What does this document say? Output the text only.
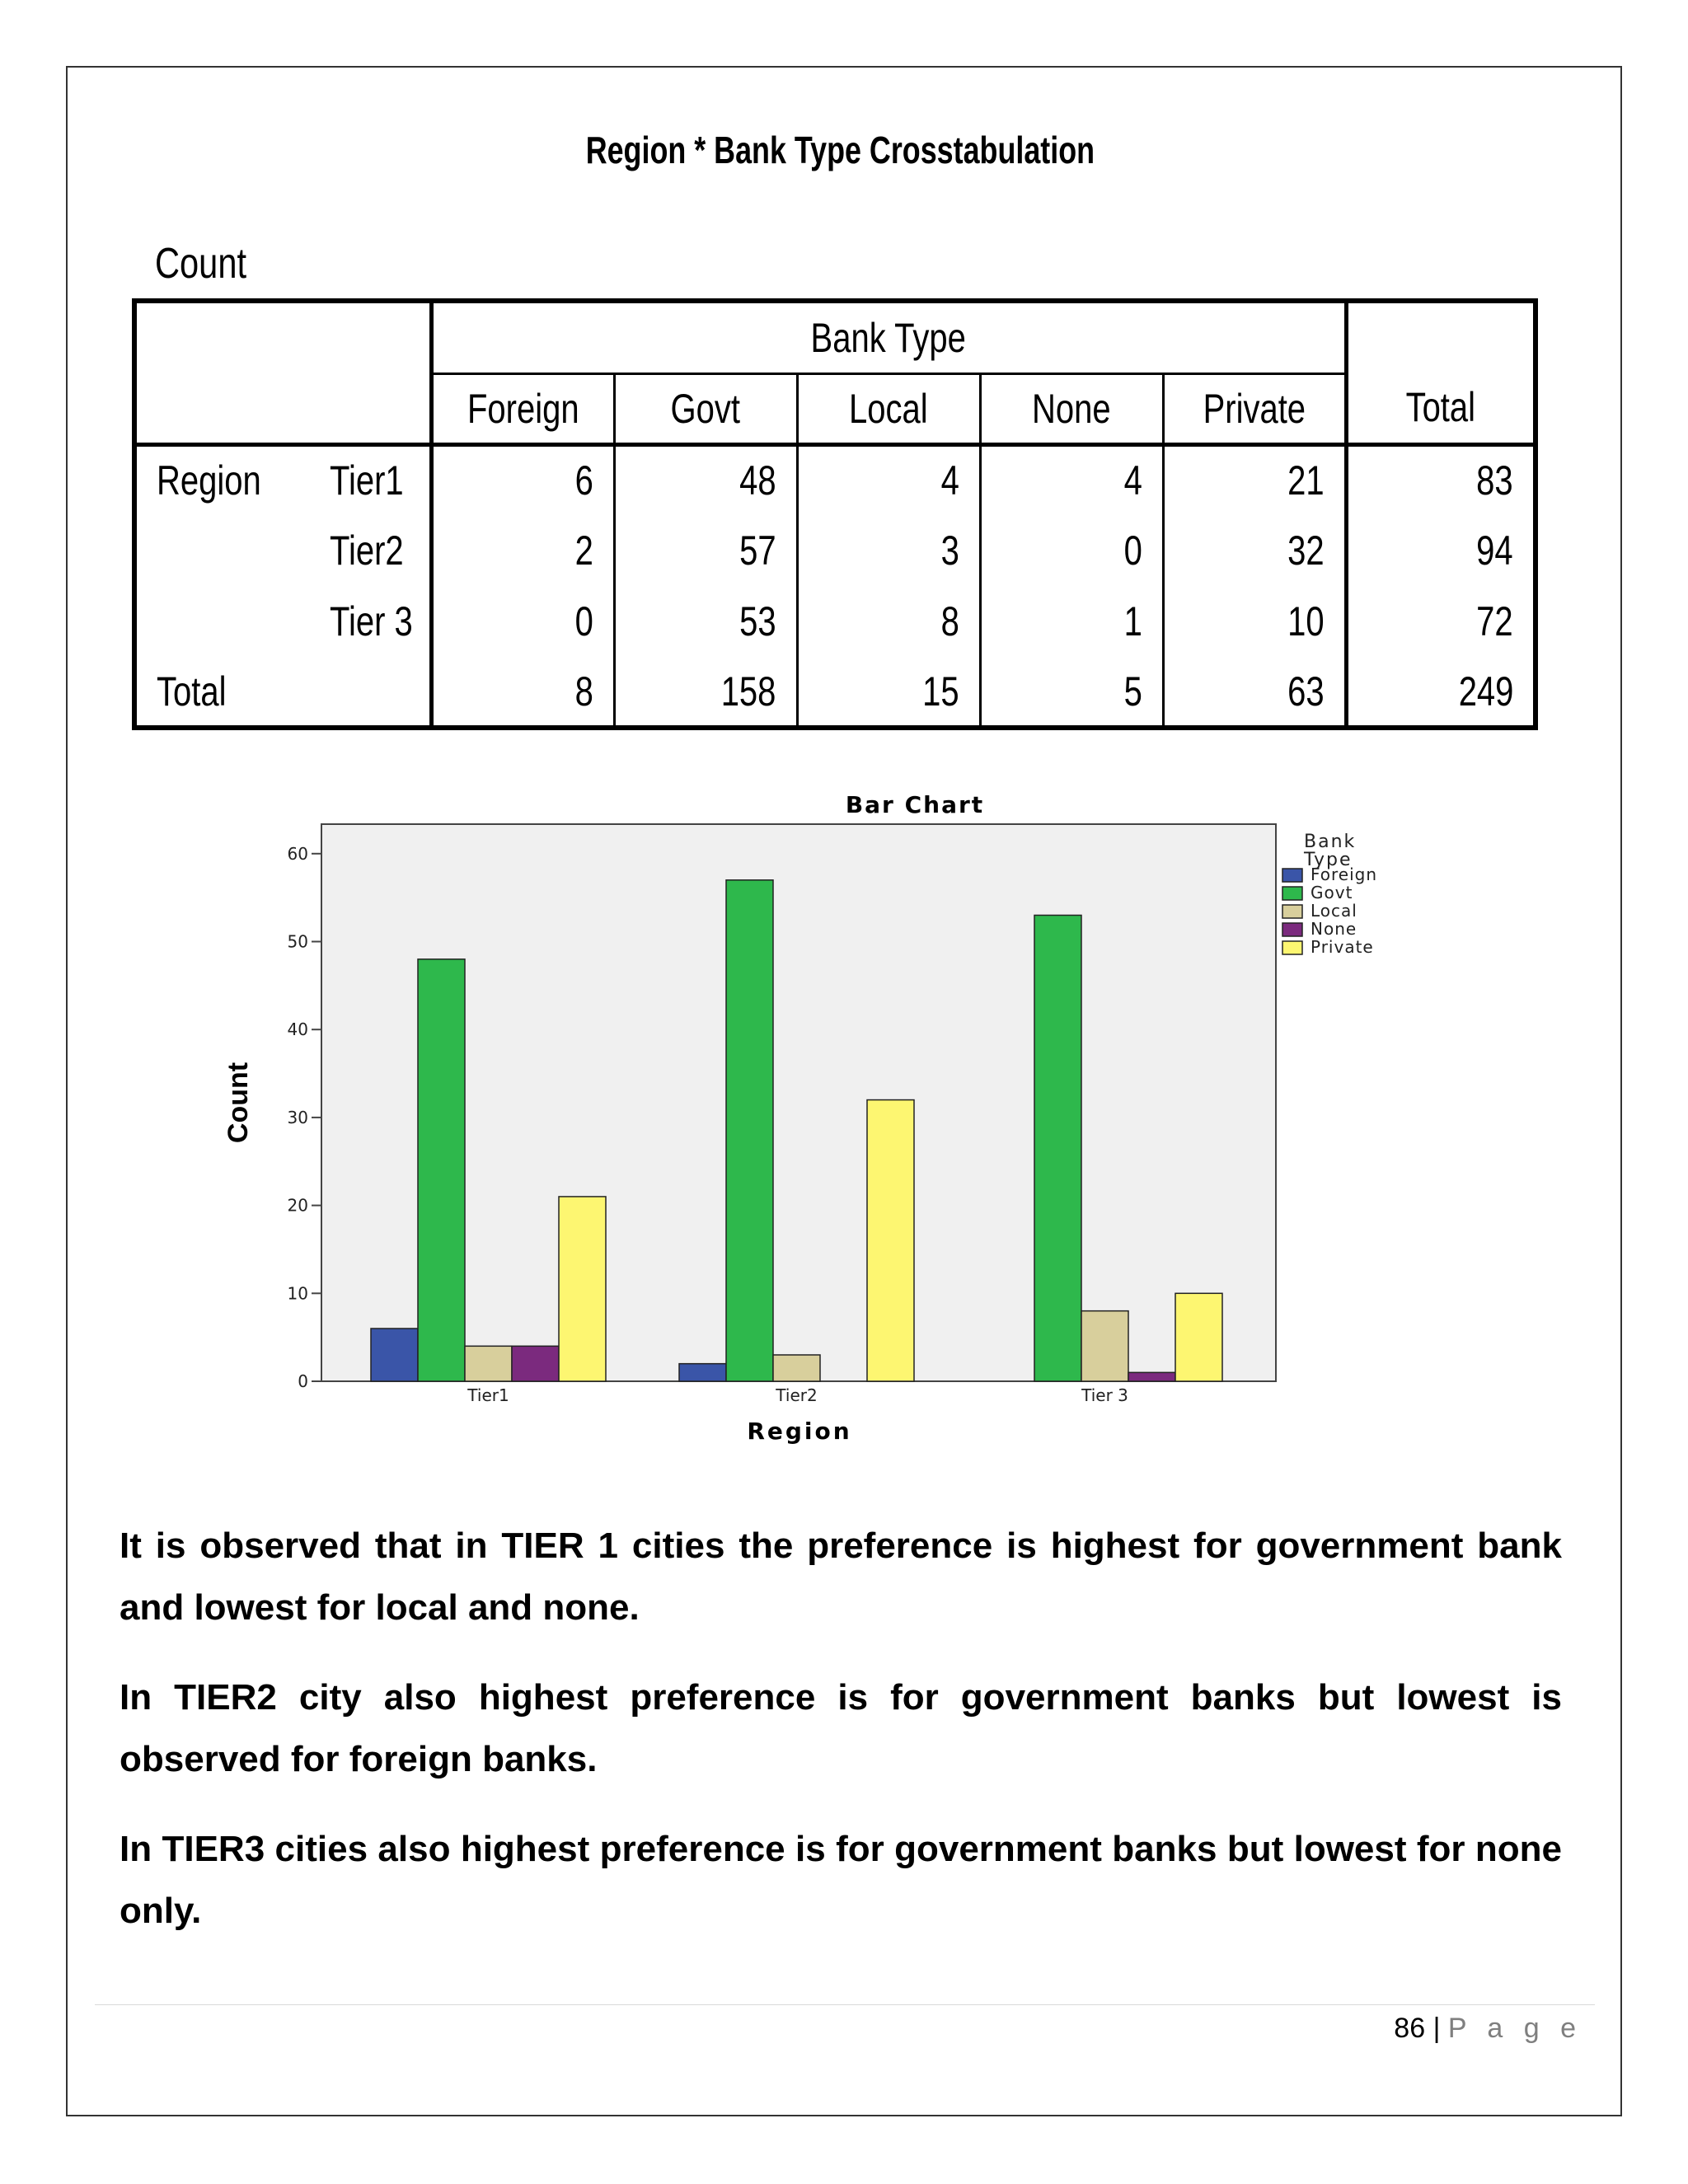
Region * Bank Type Crosstabulation
Count
		Bank Type					Total
		Foreign	Govt	Local	None	Private	
Region	Tier1	6	48	4	4	21	83
	Tier2	2	57	3	0	32	94
	Tier 3	0	53	8	1	10	72
Total		8	158	15	5	63	249
Bar Chart
0
10
20
30
40
50
60
Tier1	Tier2	Tier 3
Region
Count
Bank Type
Foreign
Govt
Local
None
Private
It is observed that in TIER 1 cities the preference is highest for government bank and lowest for local and none.
In TIER2 city also highest preference is for government banks but lowest is observed for foreign banks.
In TIER3 cities also highest preference is for government banks but lowest for none only.
86 | P a g e
